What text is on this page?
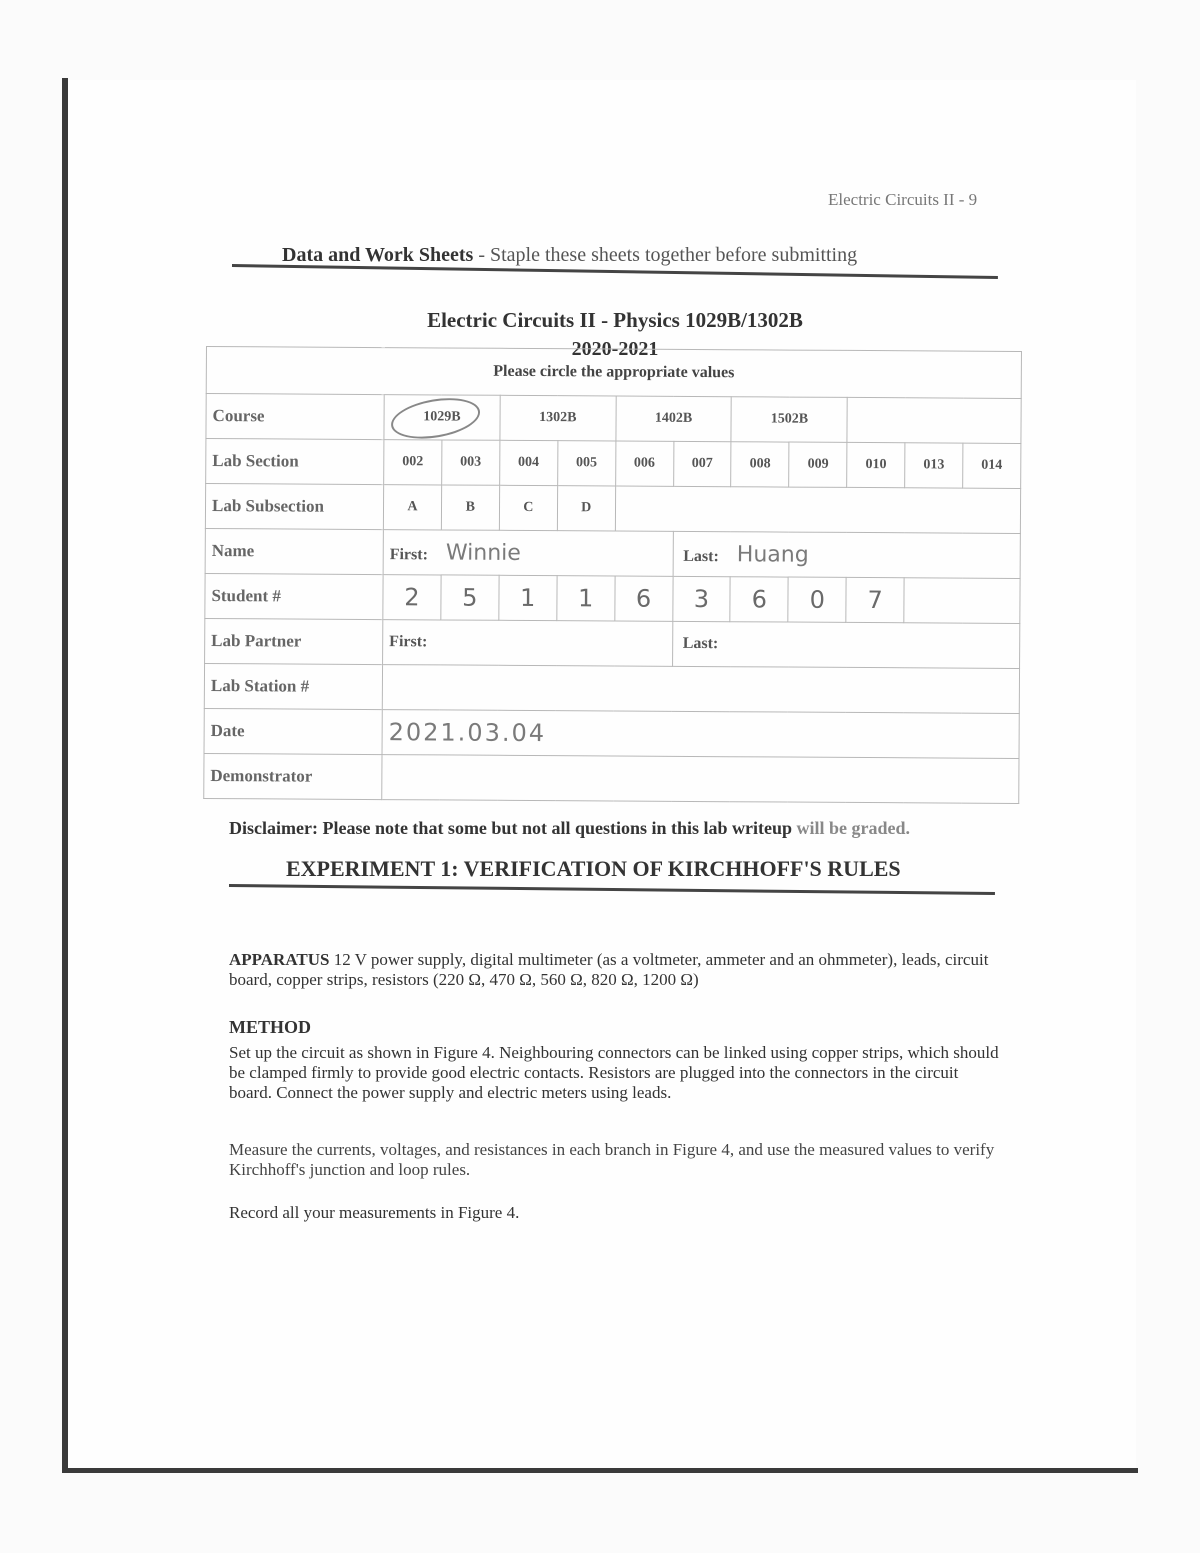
Electric Circuits II - 9
Data and Work Sheets - Staple these sheets together before submitting
Electric Circuits II - Physics 1029B/1302B
2020-2021
Please circle the appropriate values											
Course	1029B		1302B		1402B		1502B				
Lab Section	002	003	004	005	006	007	008	009	010	013	014
Lab Subsection	A	B	C	D							
Name	First: Winnie					Last: Huang					
Student #	2	5	1	1	6	3	6	0	7		
Lab Partner	First:					Last:					
Lab Station #											
Date	2021.03.04										
Demonstrator											
Disclaimer: Please note that some but not all questions in this lab writeup will be graded.
EXPERIMENT 1: VERIFICATION OF KIRCHHOFF'S RULES
APPARATUS 12 V power supply, digital multimeter (as a voltmeter, ammeter and an ohmmeter), leads, circuit board, copper strips, resistors (220 Ω, 470 Ω, 560 Ω, 820 Ω, 1200 Ω)
METHOD
Set up the circuit as shown in Figure 4. Neighbouring connectors can be linked using copper strips, which should be clamped firmly to provide good electric contacts. Resistors are plugged into the connectors in the circuit board. Connect the power supply and electric meters using leads.
Measure the currents, voltages, and resistances in each branch in Figure 4, and use the measured values to verify Kirchhoff's junction and loop rules.
Record all your measurements in Figure 4.
